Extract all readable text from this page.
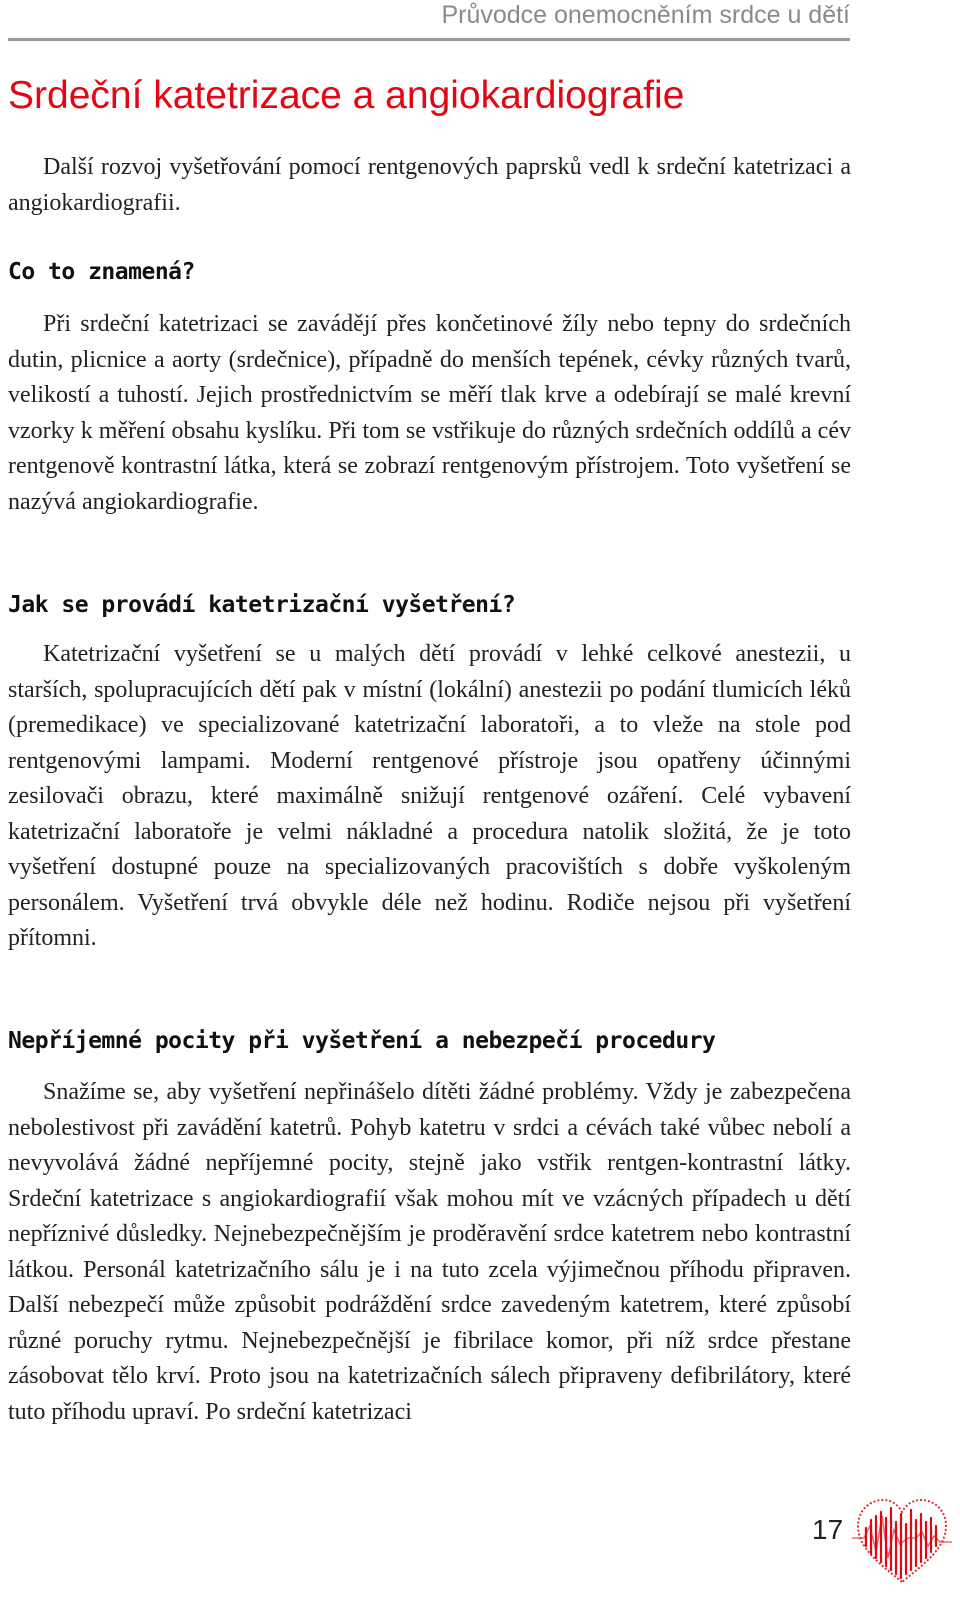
Průvodce onemocněním srdce u dětí
Srdeční katetrizace a angiokardiografie

Další rozvoj vyšetřování pomocí rentgenových paprsků vedl k srdeční katetrizaci a angiokardiografii.

Co to znamená?

Při srdeční katetrizaci se zavádějí přes končetinové žíly nebo tepny do srdečních dutin, plicnice a aorty (srdečnice), případně do menších tepének, cévky různých tvarů, velikostí a tuhostí. Jejich prostřednictvím se měří tlak krve a odebírají se malé krevní vzorky k měření obsahu kyslíku. Při tom se vstřikuje do různých srdečních oddílů a cév rentgenově kontrastní látka, která se zobrazí rentgenovým přístrojem. Toto vyšetření se nazývá angiokardiografie.

Jak se provádí katetrizační vyšetření?

Katetrizační vyšetření se u malých dětí provádí v lehké celkové anestezii, u starších, spolupracujících dětí pak v místní (lokální) anestezii po podání tlumicích léků (premedikace) ve specializované katetrizační laboratoři, a to vleže na stole pod rentgenovými lampami. Moderní rentgenové přístroje jsou opatřeny účinnými zesilovači obrazu, které maximálně snižují rentgenové ozáření. Celé vybavení katetrizační laboratoře je velmi nákladné a procedura natolik složitá, že je toto vyšetření dostupné pouze na specializovaných pracovištích s dobře vyškoleným personálem. Vyšetření trvá obvykle déle než hodinu. Rodiče nejsou při vyšetření přítomni.

Nepříjemné pocity při vyšetření a nebezpečí procedury

Snažíme se, aby vyšetření nepřinášelo dítěti žádné problémy. Vždy je zabezpečena nebolestivost při zavádění katetrů. Pohyb katetru v srdci a cévách také vůbec nebolí a nevyvolává žádné nepříjemné pocity, stejně jako vstřik rentgen-kontrastní látky. Srdeční katetrizace s angiokardiografií však mohou mít ve vzácných případech u dětí nepříznivé důsledky. Nejnebezpečnějším je proděravění srdce katetrem nebo kontrastní látkou. Personál katetrizačního sálu je i na tuto zcela výjimečnou příhodu připraven. Další nebezpečí může způsobit podráždění srdce zavedeným katetrem, které způsobí různé poruchy rytmu. Nejnebezpečnější je fibrilace komor, při níž srdce přestane zásobovat tělo krví. Proto jsou na katetrizačních sálech připraveny defibrilátory, které tuto příhodu upraví. Po srdeční katetrizaci

17
